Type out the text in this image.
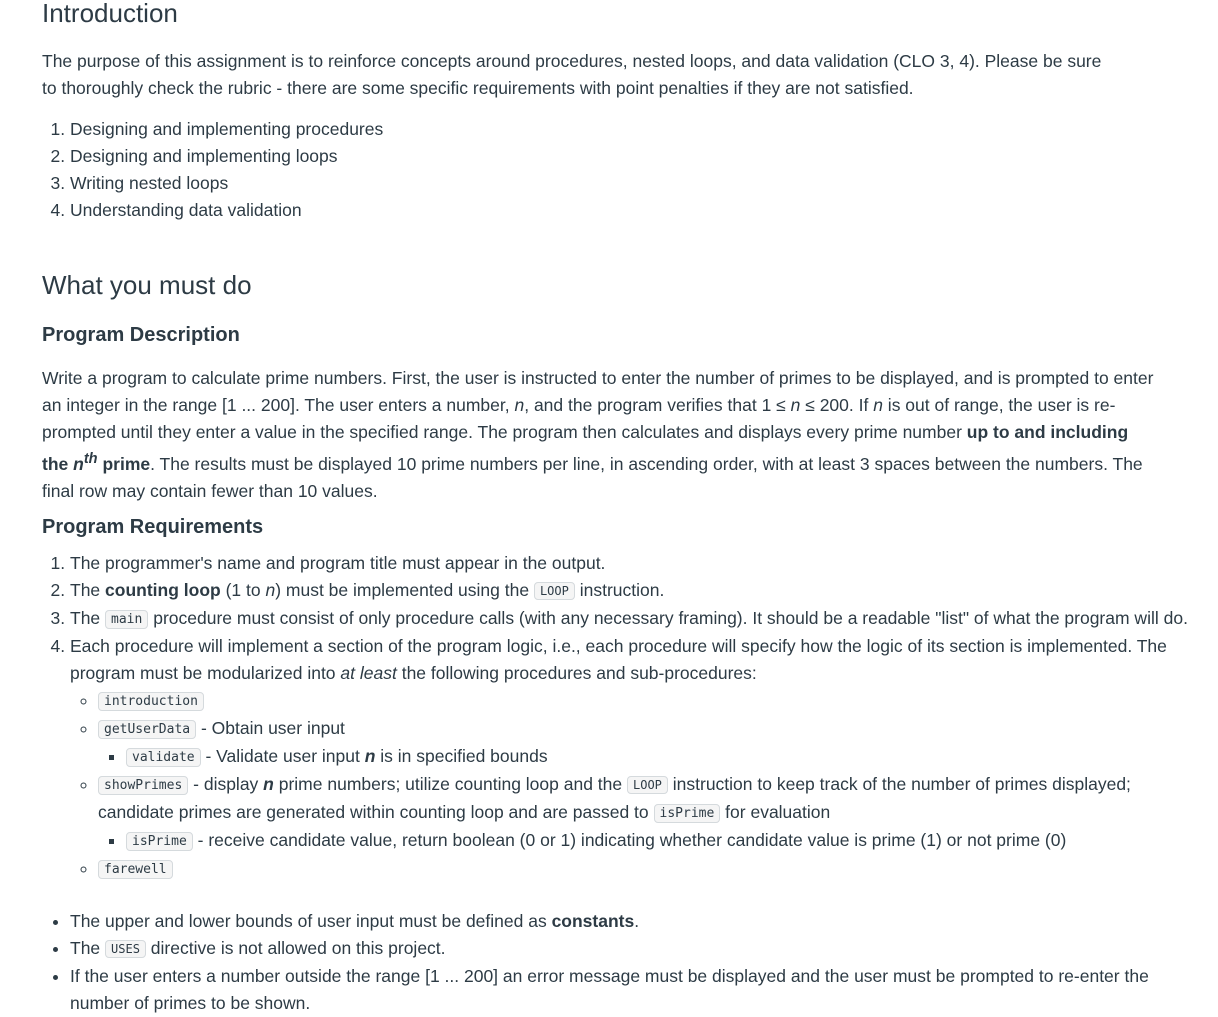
Introduction

The purpose of this assignment is to reinforce concepts around procedures, nested loops, and data validation (CLO 3, 4). Please be sure to thoroughly check the rubric - there are some specific requirements with point penalties if they are not satisfied.

1. Designing and implementing procedures
2. Designing and implementing loops
3. Writing nested loops
4. Understanding data validation
What you must do
Program Description

Write a program to calculate prime numbers. First, the user is instructed to enter the number of primes to be displayed, and is prompted to enter an integer in the range [1 ... 200]. The user enters a number, n, and the program verifies that 1 ≤ n ≤ 200. If n is out of range, the user is re-prompted until they enter a value in the specified range. The program then calculates and displays every prime number up to and including the $n^{th}$ prime. The results must be displayed 10 prime numbers per line, in ascending order, with at least 3 spaces between the numbers. The final row may contain fewer than 10 values.

Program Requirements
1. The programmer's name and program title must appear in the output.
2. The counting loop (1 to n) must be implemented using the LOOP instruction.
3. The main procedure must consist of only procedure calls (with any necessary framing). It should be a readable "list" of what the program will do.
4. Each procedure will implement a section of the program logic, i.e., each procedure will specify how the logic of its section is implemented. The program must be modularized into at least the following procedures and sub-procedures:
◦ introduction
◦ getUserData - Obtain user input
▪ validate - Validate user input n is in specified bounds
◦ showPrimes - display n prime numbers; utilize counting loop and the LOOP instruction to keep track of the number of primes displayed; candidate primes are generated within counting loop and are passed to isPrime for evaluation
▪ isPrime - receive candidate value, return boolean (0 or 1) indicating whether candidate value is prime (1) or not prime (0)
◦ farewell
• The upper and lower bounds of user input must be defined as constants.
• The USES directive is not allowed on this project.
• If the user enters a number outside the range [1 ... 200] an error message must be displayed and the user must be prompted to re-enter the number of primes to be shown.
